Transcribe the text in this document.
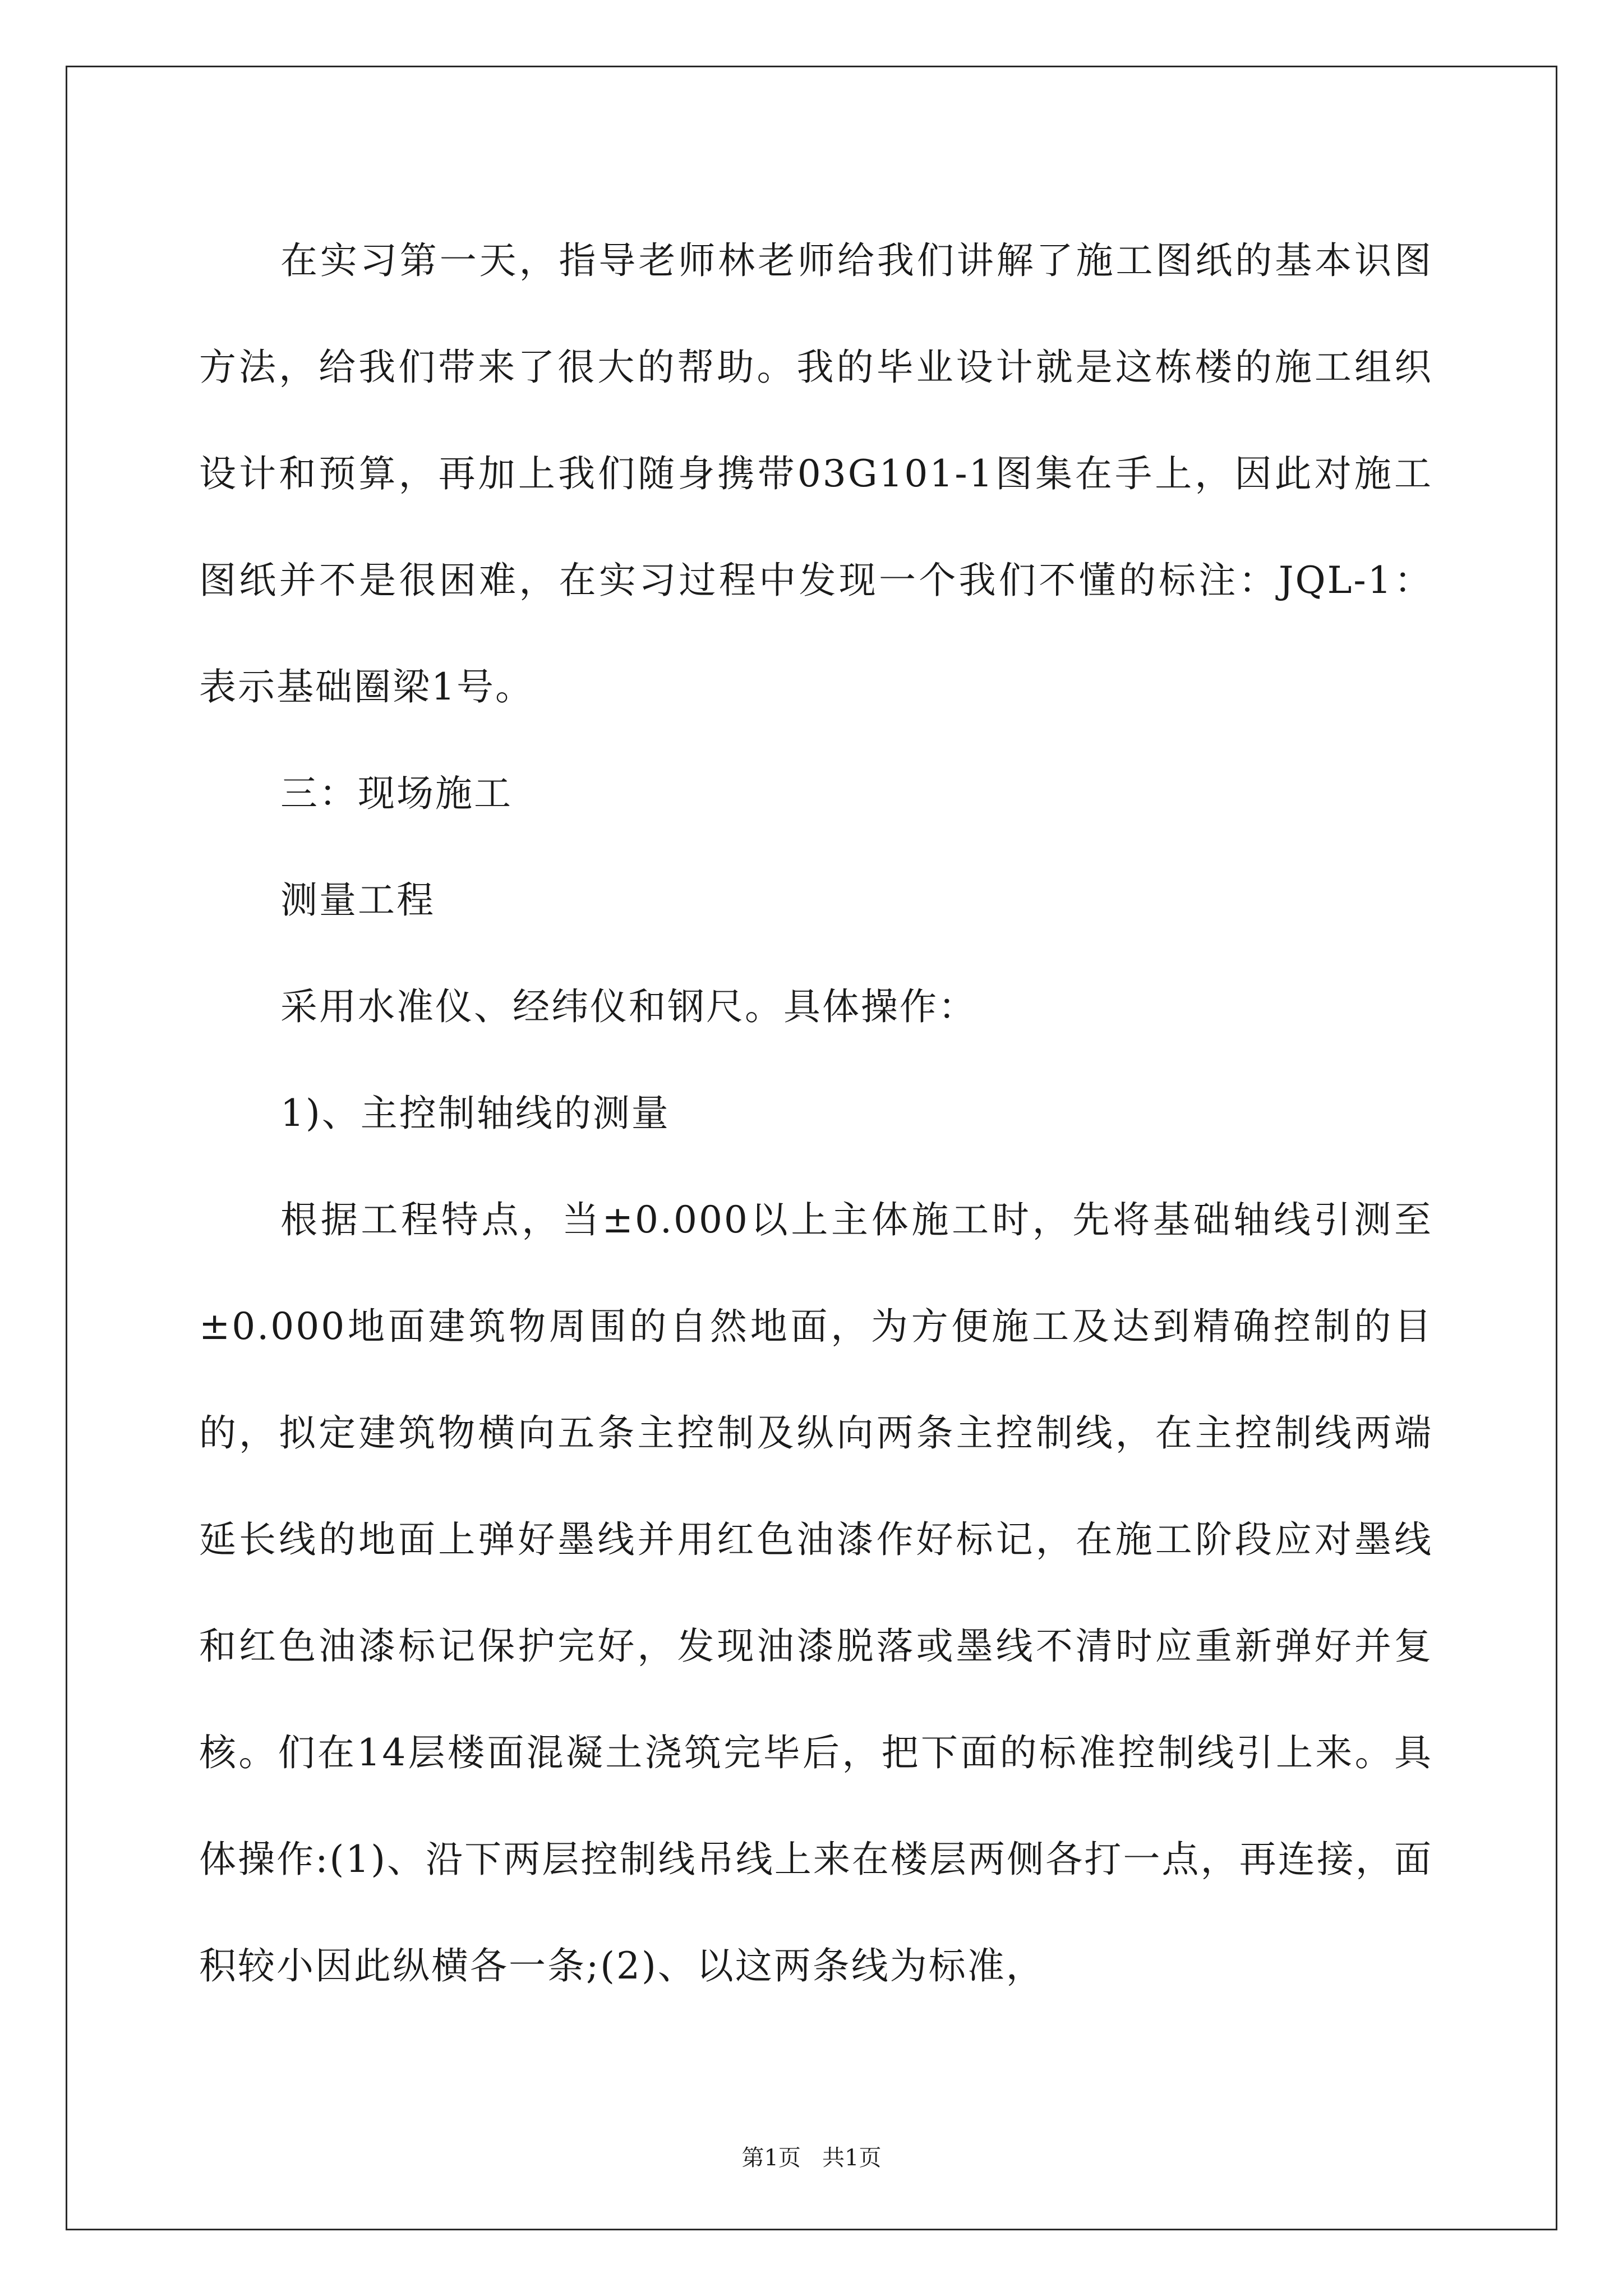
在实习第一天，指导老师林老师给我们讲解了施工图纸的基本识图方法，给我们带来了很大的帮助。我的毕业设计就是这栋楼的施工组织设计和预算，再加上我们随身携带03G101-1图集在手上，因此对施工图纸并不是很困难，在实习过程中发现一个我们不懂的标注：JQL-1：表示基础圈梁1号。

三：现场施工

测量工程

采用水准仪、经纬仪和钢尺。具体操作：

1)、主控制轴线的测量

根据工程特点，当±0.000以上主体施工时，先将基础轴线引测至±0.000地面建筑物周围的自然地面，为方便施工及达到精确控制的目的，拟定建筑物横向五条主控制及纵向两条主控制线，在主控制线两端延长线的地面上弹好墨线并用红色油漆作好标记，在施工阶段应对墨线和红色油漆标记保护完好，发现油漆脱落或墨线不清时应重新弹好并复核。们在14层楼面混凝土浇筑完毕后，把下面的标准控制线引上来。具体操作:(1)、沿下两层控制线吊线上来在楼层两侧各打一点，再连接，面积较小因此纵横各一条;(2)、以这两条线为标准，

第1页   共1页
